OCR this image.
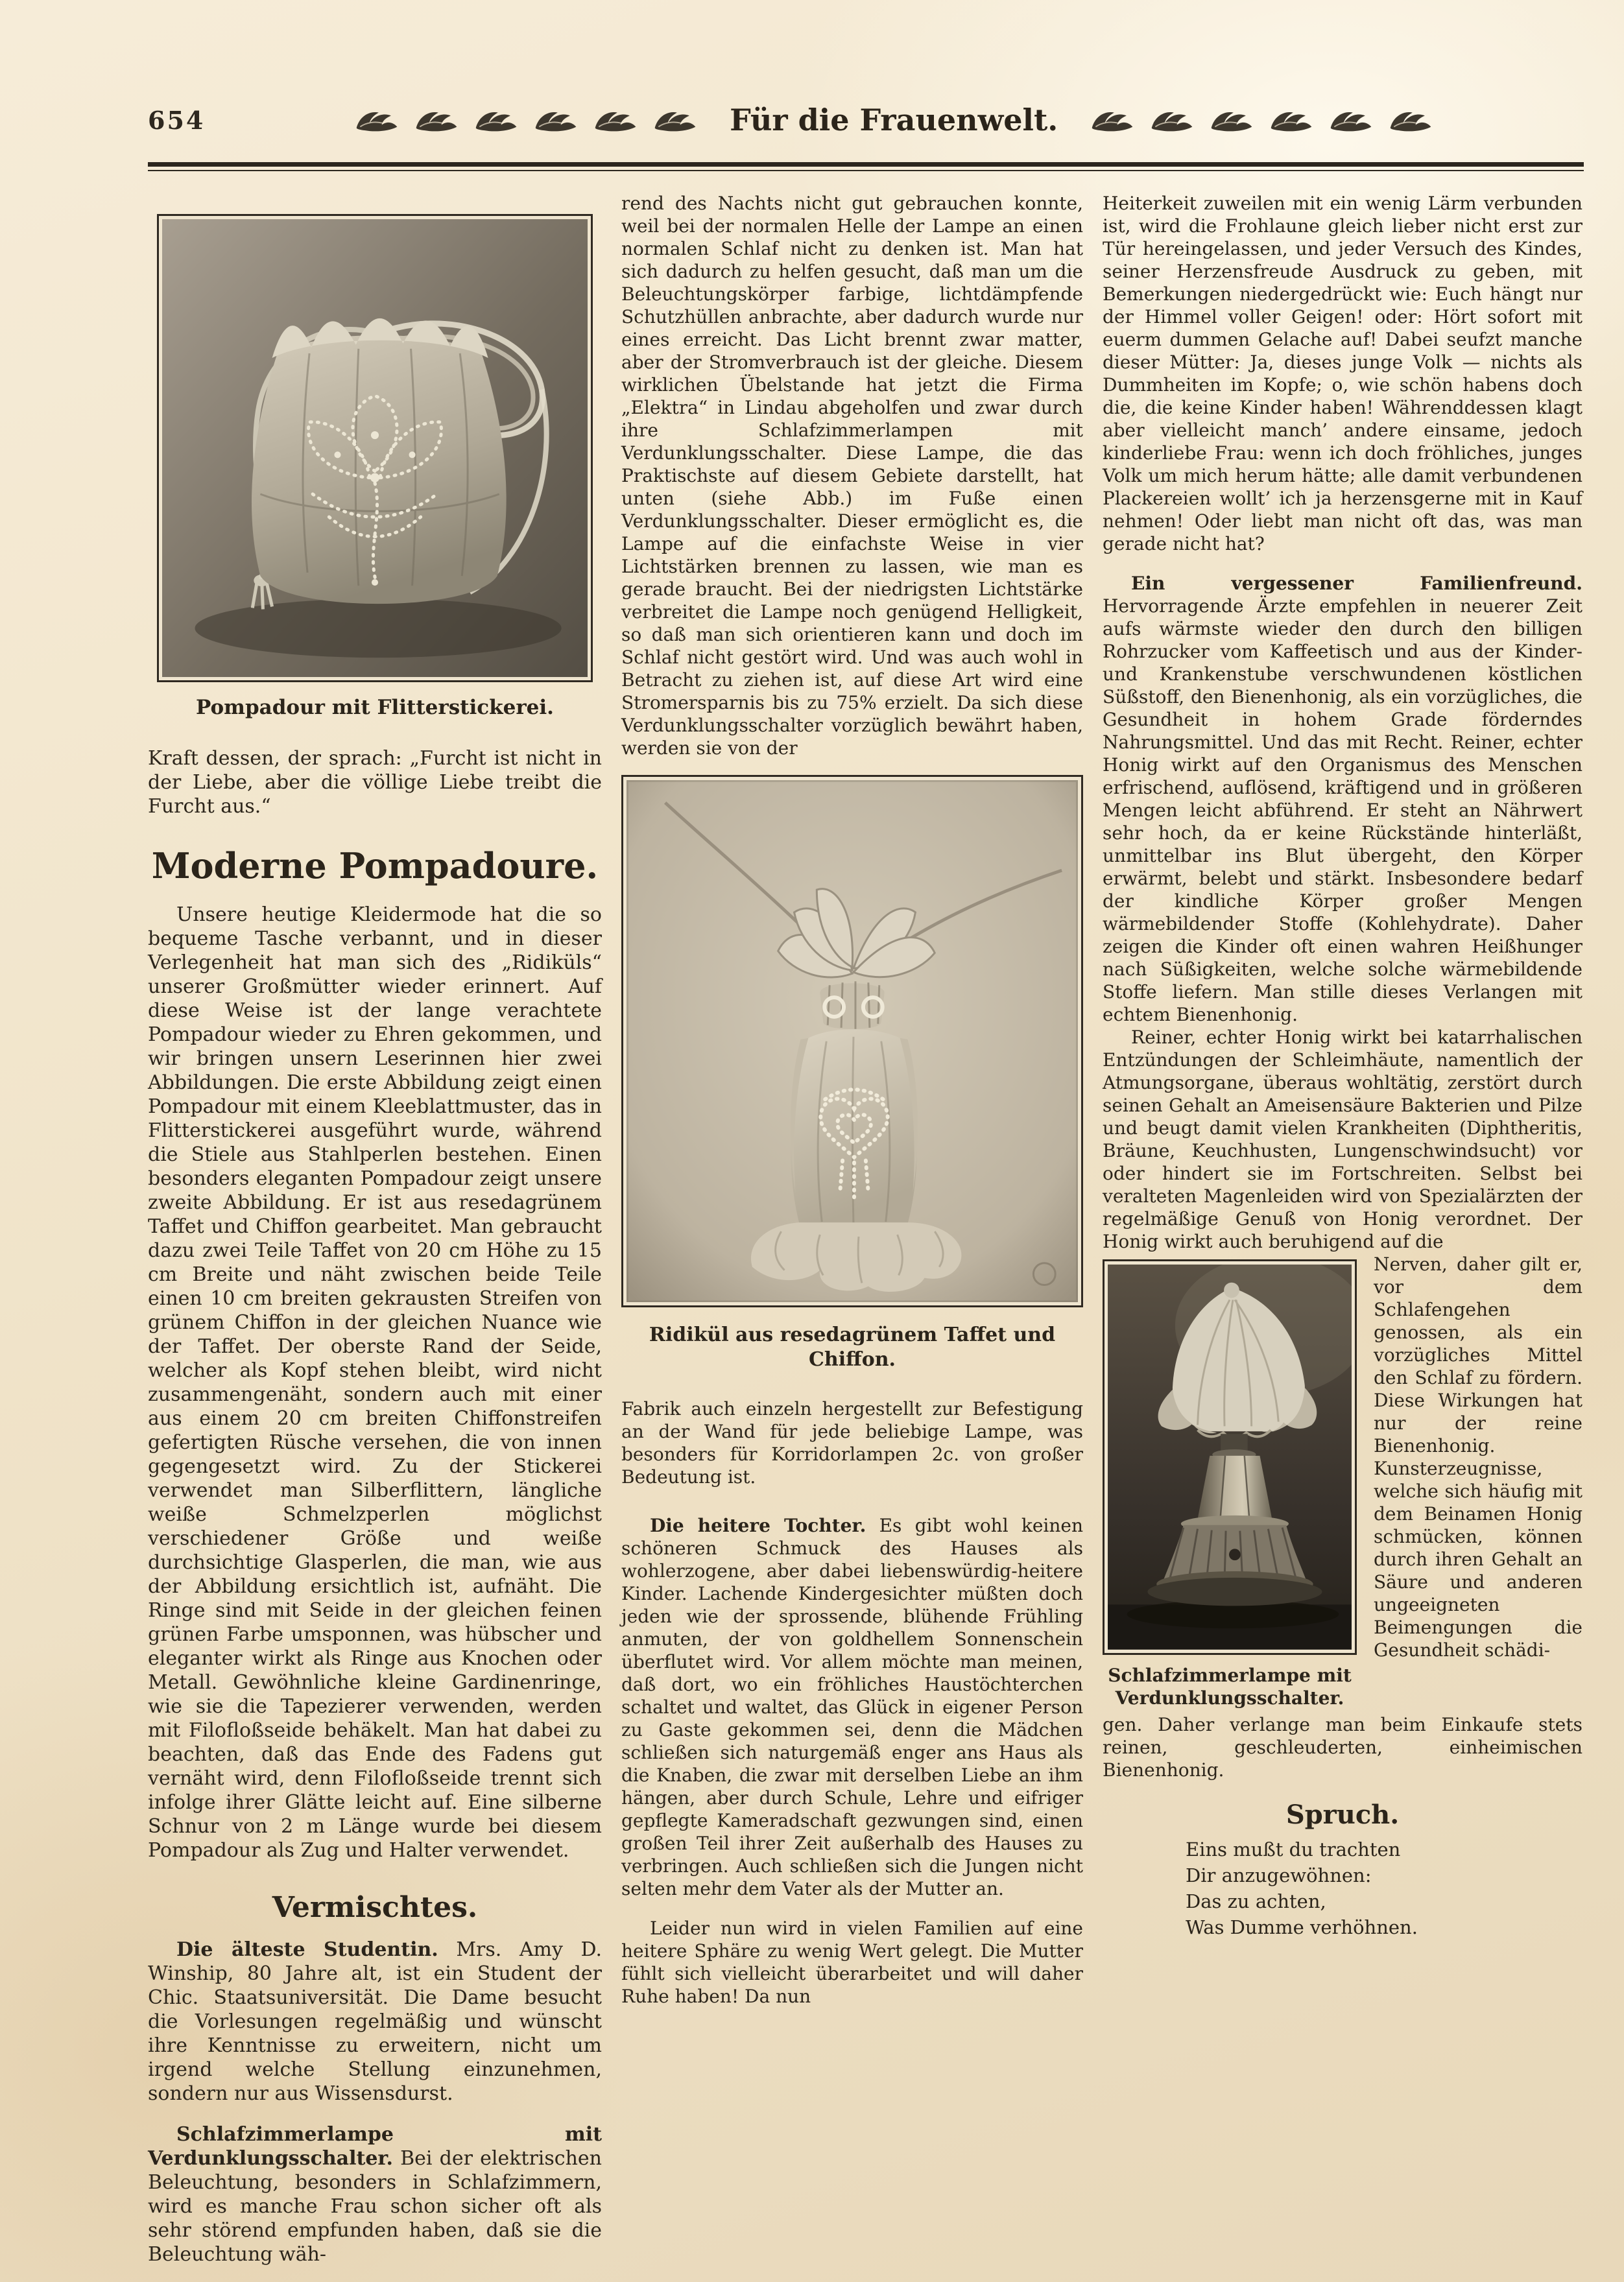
654	Für die Frauenwelt.
Pompadour mit Flitterstickerei.

Kraft dessen, der sprach: „Furcht ist nicht in der Liebe, aber die völlige Liebe treibt die Furcht aus.“

Moderne Pompadoure.

Unsere heutige Kleidermode hat die so bequeme Tasche verbannt, und in dieser Verlegenheit hat man sich des „Ridiküls“ unserer Großmütter wieder erinnert. Auf diese Weise ist der lange verachtete Pompadour wieder zu Ehren gekommen, und wir bringen unsern Leserinnen hier zwei Abbildungen. Die erste Abbildung zeigt einen Pompadour mit einem Kleeblattmuster, das in Flitterstickerei ausgeführt wurde, während die Stiele aus Stahlperlen bestehen. Einen besonders eleganten Pompadour zeigt unsere zweite Abbildung. Er ist aus resedagrünem Taffet und Chiffon gearbeitet. Man gebraucht dazu zwei Teile Taffet von 20 cm Höhe zu 15 cm Breite und näht zwischen beide Teile einen 10 cm breiten gekrausten Streifen von grünem Chiffon in der gleichen Nuance wie der Taffet. Der oberste Rand der Seide, welcher als Kopf stehen bleibt, wird nicht zusammengenäht, sondern auch mit einer aus einem 20 cm breiten Chiffonstreifen gefertigten Rüsche versehen, die von innen gegengesetzt wird. Zu der Stickerei verwendet man Silberflittern, längliche weiße Schmelzperlen möglichst verschiedener Größe und weiße durchsichtige Glasperlen, die man, wie aus der Abbildung ersichtlich ist, aufnäht. Die Ringe sind mit Seide in der gleichen feinen grünen Farbe umsponnen, was hübscher und eleganter wirkt als Ringe aus Knochen oder Metall. Gewöhnliche kleine Gardinenringe, wie sie die Tapezierer verwenden, werden mit Filofloßseide behäkelt. Man hat dabei zu beachten, daß das Ende des Fadens gut vernäht wird, denn Filofloßseide trennt sich infolge ihrer Glätte leicht auf. Eine silberne Schnur von 2 m Länge wurde bei diesem Pompadour als Zug und Halter verwendet.

Vermischtes.

Die älteste Studentin. Mrs. Amy D. Winship, 80 Jahre alt, ist ein Student der Chic. Staatsuniversität. Die Dame besucht die Vorlesungen regelmäßig und wünscht ihre Kenntnisse zu erweitern, nicht um irgend welche Stellung einzunehmen, sondern nur aus Wissensdurst.

Schlafzimmerlampe mit Verdunklungsschalter. Bei der elektrischen Beleuchtung, besonders in Schlafzimmern, wird es manche Frau schon sicher oft als sehr störend empfunden haben, daß sie die Beleuchtung wäh-

rend des Nachts nicht gut gebrauchen konnte, weil bei der normalen Helle der Lampe an einen normalen Schlaf nicht zu denken ist. Man hat sich dadurch zu helfen gesucht, daß man um die Beleuchtungskörper farbige, lichtdämpfende Schutzhüllen anbrachte, aber dadurch wurde nur eines erreicht. Das Licht brennt zwar matter, aber der Stromverbrauch ist der gleiche. Diesem wirklichen Übelstande hat jetzt die Firma „Elektra“ in Lindau abgeholfen und zwar durch ihre Schlafzimmerlampen mit Verdunklungsschalter. Diese Lampe, die das Praktischste auf diesem Gebiete darstellt, hat unten (siehe Abb.) im Fuße einen Verdunklungsschalter. Dieser ermöglicht es, die Lampe auf die einfachste Weise in vier Lichtstärken brennen zu lassen, wie man es gerade braucht. Bei der niedrigsten Lichtstärke verbreitet die Lampe noch genügend Helligkeit, so daß man sich orientieren kann und doch im Schlaf nicht gestört wird. Und was auch wohl in Betracht zu ziehen ist, auf diese Art wird eine Stromersparnis bis zu 75% erzielt. Da sich diese Verdunklungsschalter vorzüglich bewährt haben, werden sie von der

Ridikül aus resedagrünem Taffet und Chiffon.

Fabrik auch einzeln hergestellt zur Befestigung an der Wand für jede beliebige Lampe, was besonders für Korridorlampen 2c. von großer Bedeutung ist.

Die heitere Tochter. Es gibt wohl keinen schöneren Schmuck des Hauses als wohlerzogene, aber dabei liebenswürdig-heitere Kinder. Lachende Kindergesichter müßten doch jeden wie der sprossende, blühende Frühling anmuten, der von goldhellem Sonnenschein überflutet wird. Vor allem möchte man meinen, daß dort, wo ein fröhliches Haustöchterchen schaltet und waltet, das Glück in eigener Person zu Gaste gekommen sei, denn die Mädchen schließen sich naturgemäß enger ans Haus als die Knaben, die zwar mit derselben Liebe an ihm hängen, aber durch Schule, Lehre und eifriger gepflegte Kameradschaft gezwungen sind, einen großen Teil ihrer Zeit außerhalb des Hauses zu verbringen. Auch schließen sich die Jungen nicht selten mehr dem Vater als der Mutter an.

Leider nun wird in vielen Familien auf eine heitere Sphäre zu wenig Wert gelegt. Die Mutter fühlt sich vielleicht überarbeitet und will daher Ruhe haben! Da nun

Heiterkeit zuweilen mit ein wenig Lärm verbunden ist, wird die Frohlaune gleich lieber nicht erst zur Tür hereingelassen, und jeder Versuch des Kindes, seiner Herzensfreude Ausdruck zu geben, mit Bemerkungen niedergedrückt wie: Euch hängt nur der Himmel voller Geigen! oder: Hört sofort mit euerm dummen Gelache auf! Dabei seufzt manche dieser Mütter: Ja, dieses junge Volk — nichts als Dummheiten im Kopfe; o, wie schön habens doch die, die keine Kinder haben! Währenddessen klagt aber vielleicht manch’ andere einsame, jedoch kinderliebe Frau: wenn ich doch fröhliches, junges Volk um mich herum hätte; alle damit verbundenen Plackereien wollt’ ich ja herzensgerne mit in Kauf nehmen! Oder liebt man nicht oft das, was man gerade nicht hat?

Ein vergessener Familienfreund. Hervorragende Ärzte empfehlen in neuerer Zeit aufs wärmste wieder den durch den billigen Rohrzucker vom Kaffeetisch und aus der Kinder- und Krankenstube verschwundenen köstlichen Süßstoff, den Bienenhonig, als ein vorzügliches, die Gesundheit in hohem Grade förderndes Nahrungsmittel. Und das mit Recht. Reiner, echter Honig wirkt auf den Organismus des Menschen erfrischend, auflösend, kräftigend und in größeren Mengen leicht abführend. Er steht an Nährwert sehr hoch, da er keine Rückstände hinterläßt, unmittelbar ins Blut übergeht, den Körper erwärmt, belebt und stärkt. Insbesondere bedarf der kindliche Körper großer Mengen wärmebildender Stoffe (Kohlehydrate). Daher zeigen die Kinder oft einen wahren Heißhunger nach Süßigkeiten, welche solche wärmebildende Stoffe liefern. Man stille dieses Verlangen mit echtem Bienenhonig.

Reiner, echter Honig wirkt bei katarrhalischen Entzündungen der Schleimhäute, namentlich der Atmungsorgane, überaus wohltätig, zerstört durch seinen Gehalt an Ameisensäure Bakterien und Pilze und beugt damit vielen Krankheiten (Diphtheritis, Bräune, Keuchhusten, Lungenschwindsucht) vor oder hindert sie im Fortschreiten. Selbst bei veralteten Magenleiden wird von Spezialärzten der regelmäßige Genuß von Honig verordnet. Der Honig wirkt auch beruhigend auf die

Schlafzimmerlampe mit Verdunklungsschalter.

Nerven, daher gilt er, vor dem Schlafengehen genossen, als ein vorzügliches Mittel den Schlaf zu fördern. Diese Wirkungen hat nur der reine Bienenhonig. Kunsterzeugnisse, welche sich häufig mit dem Beinamen Honig schmücken, können durch ihren Gehalt an Säure und anderen ungeeigneten Beimengungen die Gesundheit schädi-

gen. Daher verlange man beim Einkaufe stets reinen, geschleuderten, einheimischen Bienenhonig.

Spruch.
Eins mußt du trachten
Dir anzugewöhnen:
Das zu achten,
Was Dumme verhöhnen.
